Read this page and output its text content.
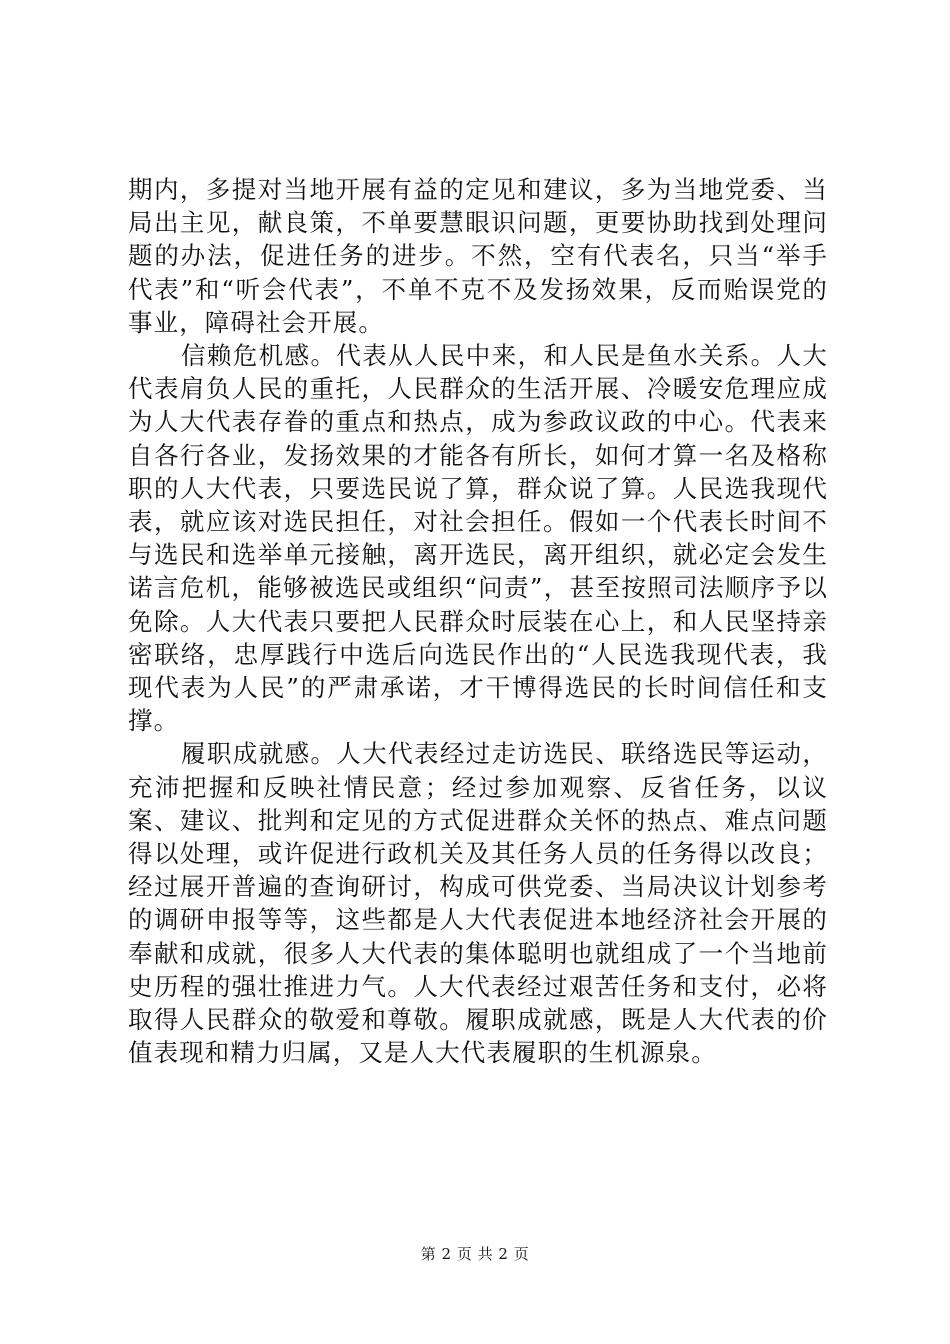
期内，多提对当地开展有益的定见和建议，多为当地党委、当局出主见，献良策，不单要慧眼识问题，更要协助找到处理问题的办法，促进任务的进步。不然，空有代表名，只当“举手代表”和“听会代表”，不单不克不及发扬效果，反而贻误党的事业，障碍社会开展。

信赖危机感。代表从人民中来，和人民是鱼水关系。人大代表肩负人民的重托，人民群众的生活开展、冷暖安危理应成为人大代表存眷的重点和热点，成为参政议政的中心。代表来自各行各业，发扬效果的才能各有所长，如何才算一名及格称职的人大代表，只要选民说了算，群众说了算。人民选我现代表，就应该对选民担任，对社会担任。假如一个代表长时间不与选民和选举单元接触，离开选民，离开组织，就必定会发生诺言危机，能够被选民或组织“问责”，甚至按照司法顺序予以免除。人大代表只要把人民群众时辰装在心上，和人民坚持亲密联络，忠厚践行中选后向选民作出的“人民选我现代表，我现代表为人民”的严肃承诺，才干博得选民的长时间信任和支撑。

履职成就感。人大代表经过走访选民、联络选民等运动，充沛把握和反映社情民意；经过参加观察、反省任务，以议案、建议、批判和定见的方式促进群众关怀的热点、难点问题得以处理，或许促进行政机关及其任务人员的任务得以改良；经过展开普遍的查询研讨，构成可供党委、当局决议计划参考的调研申报等等，这些都是人大代表促进本地经济社会开展的奉献和成就，很多人大代表的集体聪明也就组成了一个当地前史历程的强壮推进力气。人大代表经过艰苦任务和支付，必将取得人民群众的敬爱和尊敬。履职成就感，既是人大代表的价值表现和精力归属，又是人大代表履职的生机源泉。

第 2 页 共 2 页
